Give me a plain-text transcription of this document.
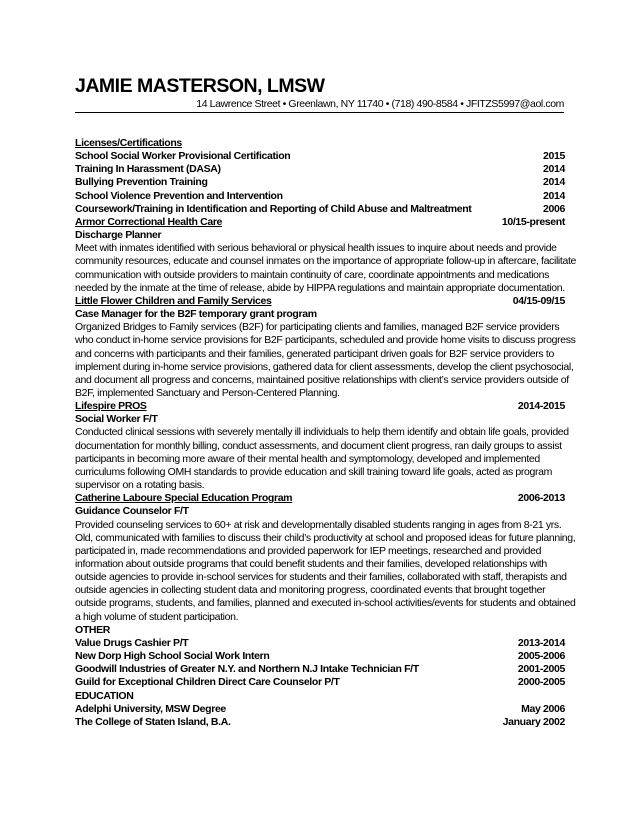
JAMIE MASTERSON, LMSW
14 Lawrence Street • Greenlawn, NY 11740 • (718) 490-8584 • JFITZS5997@aol.com
Licenses/Certifications
School Social Worker Provisional Certification	2015
Training In Harassment (DASA)	2014
Bullying Prevention Training	2014
School Violence Prevention and Intervention	2014
Coursework/Training in Identification and Reporting of Child Abuse and Maltreatment	2006
Armor Correctional Health Care	10/15-present
Discharge Planner
Meet with inmates identified with serious behavioral or physical health issues to inquire about needs and provide
community resources, educate and counsel inmates on the importance of appropriate follow-up in aftercare, facilitate
communication with outside providers to maintain continuity of care, coordinate appointments and medications
needed by the inmate at the time of release, abide by HIPPA regulations and maintain appropriate documentation.
Little Flower Children and Family Services	04/15-09/15
Case Manager for the B2F temporary grant program
Organized Bridges to Family services (B2F) for participating clients and families, managed B2F service providers
who conduct in-home service provisions for B2F participants, scheduled and provide home visits to discuss progress
and concerns with participants and their families, generated participant driven goals for B2F service providers to
implement during in-home service provisions, gathered data for client assessments, develop the client psychosocial,
and document all progress and concerns, maintained positive relationships with client’s service providers outside of
B2F, implemented Sanctuary and Person-Centered Planning.
Lifespire PROS	2014-2015
Social Worker F/T
Conducted clinical sessions with severely mentally ill individuals to help them identify and obtain life goals, provided
documentation for monthly billing, conduct assessments, and document client progress, ran daily groups to assist
participants in becoming more aware of their mental health and symptomology, developed and implemented
curriculums following OMH standards to provide education and skill training toward life goals, acted as program
supervisor on a rotating basis.
Catherine Laboure Special Education Program	2006-2013
Guidance Counselor F/T
Provided counseling services to 60+ at risk and developmentally disabled students ranging in ages from 8-21 yrs.
Old, communicated with families to discuss their child’s productivity at school and proposed ideas for future planning,
participated in, made recommendations and provided paperwork for IEP meetings, researched and provided
information about outside programs that could benefit students and their families, developed relationships with
outside agencies to provide in-school services for students and their families, collaborated with staff, therapists and
outside agencies in collecting student data and monitoring progress, coordinated events that brought together
outside programs, students, and families, planned and executed in-school activities/events for students and obtained
a high volume of student participation.
OTHER
Value Drugs Cashier P/T	2013-2014
New Dorp High School Social Work Intern	2005-2006
Goodwill Industries of Greater N.Y. and Northern N.J Intake Technician F/T	2001-2005
Guild for Exceptional Children Direct Care Counselor P/T	2000-2005
EDUCATION
Adelphi University, MSW Degree	May 2006
The College of Staten Island, B.A.	January 2002
